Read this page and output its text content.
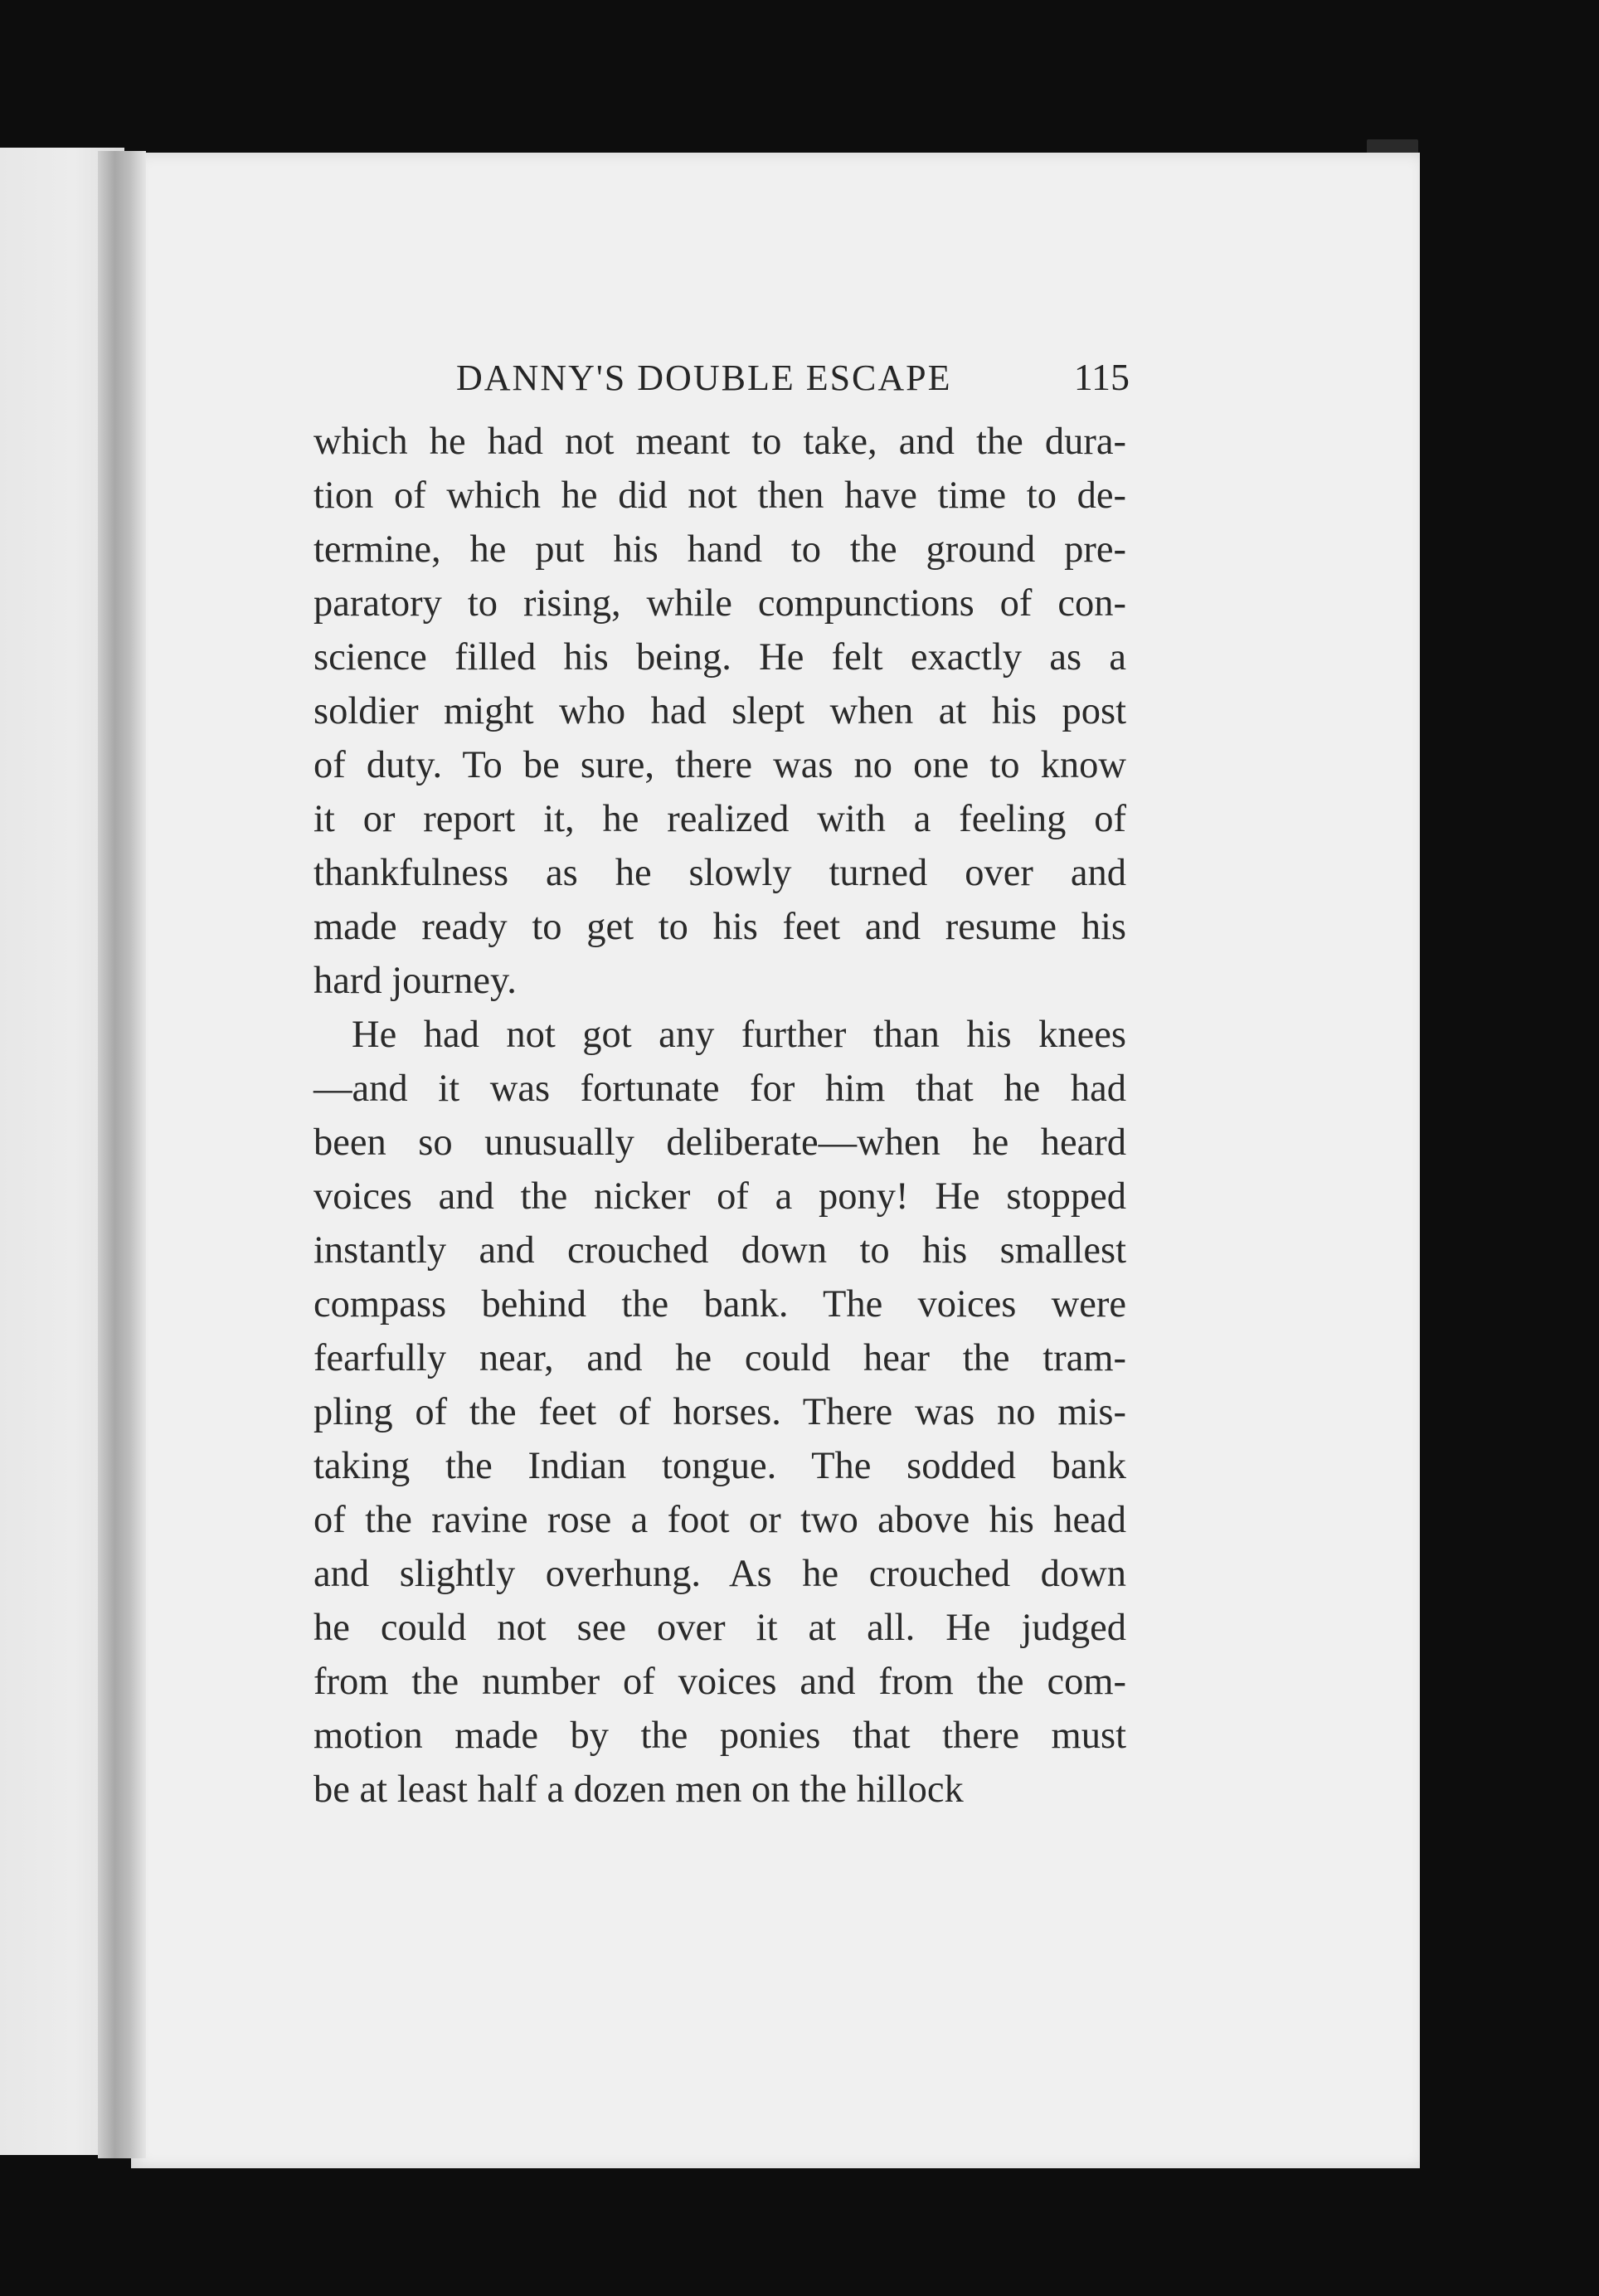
DANNY'S DOUBLE ESCAPE	115
which he had not meant to take, and the dura-
tion of which he did not then have time to de-
termine, he put his hand to the ground pre-
paratory to rising, while compunctions of con-
science filled his being. He felt exactly as a
soldier might who had slept when at his post
of duty. To be sure, there was no one to know
it or report it, he realized with a feeling of
thankfulness as he slowly turned over and
made ready to get to his feet and resume his
hard journey.
He had not got any further than his knees
—and it was fortunate for him that he had
been so unusually deliberate—when he heard
voices and the nicker of a pony! He stopped
instantly and crouched down to his smallest
compass behind the bank. The voices were
fearfully near, and he could hear the tram-
pling of the feet of horses. There was no mis-
taking the Indian tongue. The sodded bank
of the ravine rose a foot or two above his head
and slightly overhung. As he crouched down
he could not see over it at all. He judged
from the number of voices and from the com-
motion made by the ponies that there must
be at least half a dozen men on the hillock
